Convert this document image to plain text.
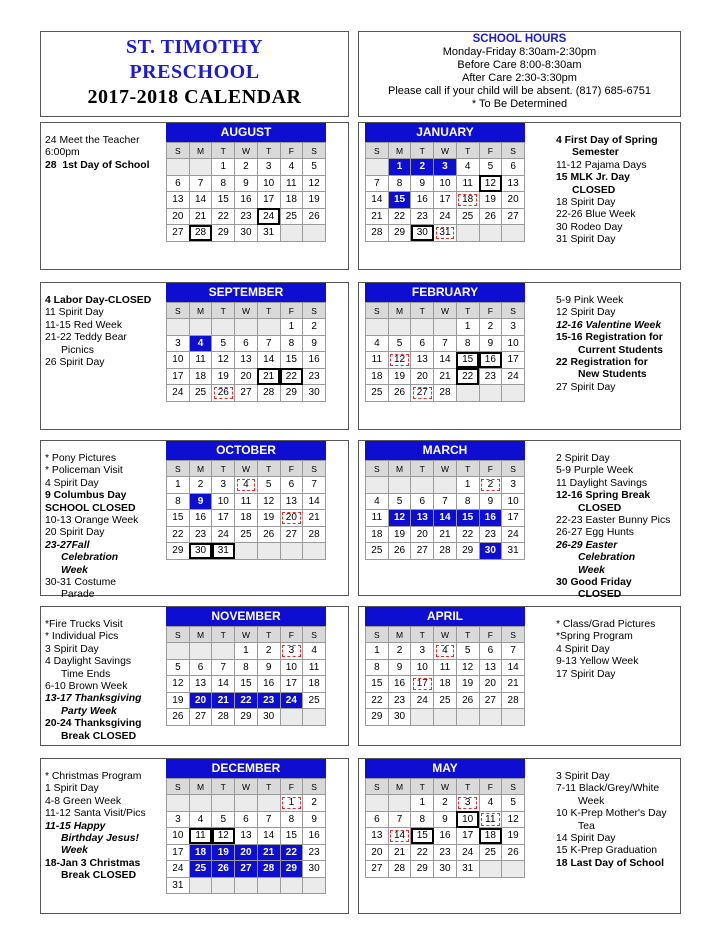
ST. TIMOTHY
PRESCHOOL
2017-2018 CALENDAR
SCHOOL HOURS
Monday-Friday 8:30am-2:30pm
Before Care 8:00-8:30am
After Care 2:30-3:30pm
Please call if your child will be absent. (817) 685-6751
* To Be Determined
24 Meet the Teacher
6:00pm
28  1st Day of School
AUGUST
S	M	T	W	T	F	S
		1	2	3	4	5
6	7	8	9	10	11	12
13	14	15	16	17	18	19
20	21	22	23	24	25	26
27	28	29	30	31		
JANUARY
S	M	T	W	T	F	S
	1	2	3	4	5	6
7	8	9	10	11	12	13
14	15	16	17	18	19	20
21	22	23	24	25	26	27
28	29	30	31			
4 First Day of Spring
Semester
11-12 Pajama Days
15 MLK Jr. Day
CLOSED
18 Spirit Day
22-26 Blue Week
30 Rodeo Day
31 Spirit Day
4 Labor Day-CLOSED
11 Spirit Day
11-15 Red Week
21-22 Teddy Bear
Picnics
26 Spirit Day
SEPTEMBER
S	M	T	W	T	F	S
					1	2
3	4	5	6	7	8	9
10	11	12	13	14	15	16
17	18	19	20	21	22	23
24	25	26	27	28	29	30
FEBRUARY
S	M	T	W	T	F	S
				1	2	3
4	5	6	7	8	9	10
11	12	13	14	15	16	17
18	19	20	21	22	23	24
25	26	27	28			
5-9 Pink Week
12 Spirit Day
12-16 Valentine Week
15-16 Registration for
Current Students
22 Registration for
New Students
27 Spirit Day
* Pony Pictures
* Policeman Visit
4 Spirit Day
9 Columbus Day
SCHOOL CLOSED
10-13 Orange Week
20 Spirit Day
23-27Fall
Celebration
Week
30-31 Costume
Parade
OCTOBER
S	M	T	W	T	F	S
1	2	3	4	5	6	7
8	9	10	11	12	13	14
15	16	17	18	19	20	21
22	23	24	25	26	27	28
29	30	31				
MARCH
S	M	T	W	T	F	S
				1	2	3
4	5	6	7	8	9	10
11	12	13	14	15	16	17
18	19	20	21	22	23	24
25	26	27	28	29	30	31
2 Spirit Day
5-9 Purple Week
11 Daylight Savings
12-16 Spring Break
CLOSED
22-23 Easter Bunny Pics
26-27 Egg Hunts
26-29 Easter
Celebration
Week
30 Good Friday
CLOSED
*Fire Trucks Visit
* Individual Pics
3 Spirit Day
4 Daylight Savings
Time Ends
6-10 Brown Week
13-17 Thanksgiving
Party Week
20-24 Thanksgiving
Break CLOSED
NOVEMBER
S	M	T	W	T	F	S
			1	2	3	4
5	6	7	8	9	10	11
12	13	14	15	16	17	18
19	20	21	22	23	24	25
26	27	28	29	30		
APRIL
S	M	T	W	T	F	S
1	2	3	4	5	6	7
8	9	10	11	12	13	14
15	16	17	18	19	20	21
22	23	24	25	26	27	28
29	30					
* Class/Grad Pictures
*Spring Program
4 Spirit Day
9-13 Yellow Week
17 Spirit Day
* Christmas Program
1 Spirit Day
4-8 Green Week
11-12 Santa Visit/Pics
11-15 Happy
Birthday Jesus!
Week
18-Jan 3 Christmas
Break CLOSED
DECEMBER
S	M	T	W	T	F	S
					1	2
3	4	5	6	7	8	9
10	11	12	13	14	15	16
17	18	19	20	21	22	23
24	25	26	27	28	29	30
31						
MAY
S	M	T	W	T	F	S
		1	2	3	4	5
6	7	8	9	10	11	12
13	14	15	16	17	18	19
20	21	22	23	24	25	26
27	28	29	30	31		
3 Spirit Day
7-11 Black/Grey/White
Week
10 K-Prep Mother's Day
Tea
14 Spirit Day
15 K-Prep Graduation
18 Last Day of School
